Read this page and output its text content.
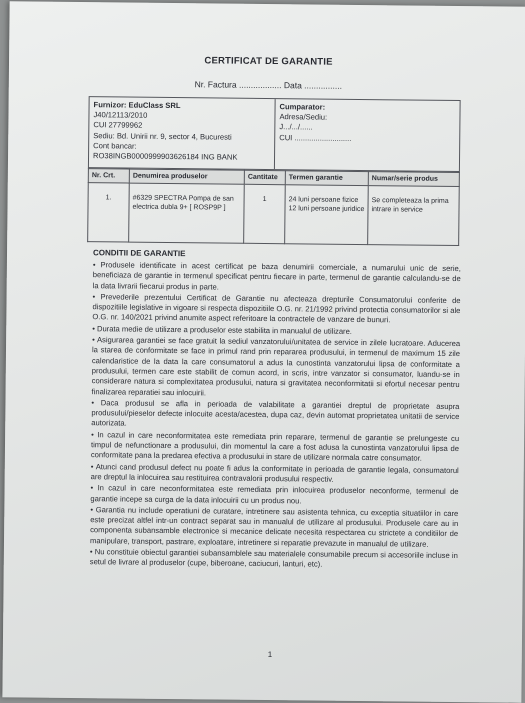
CERTIFICAT DE GARANTIE
Nr. Factura .................. Data ................
Furnizor: EduClass SRL
J40/12113/2010
CUI 27799962
Sediu: Bd. Unirii nr. 9, sector 4, Bucuresti
Cont bancar:
RO38INGB0000999903626184 ING BANK
Cumparator:
Adresa/Sediu:
J.../.../......
CUI ...........................
Nr. Crt.	Denumirea produselor	Cantitate	Termen garantie	Numar/serie produs
1.	#6329 SPECTRA Pompa de san electrica dubla 9+ [ ROSP9P ]	1	24 luni persoane fizice 12 luni persoane juridice	Se completeaza la prima intrare in service
CONDITII DE GARANTIE

• Produsele identificate in acest certificat pe baza denumirii comerciale, a numarului unic de serie, beneficiaza de garantie in termenul specificat pentru fiecare in parte, termenul de garantie calculandu-se de la data livrarii fiecarui produs in parte.

• Prevederile prezentului Certificat de Garantie nu afecteaza drepturile Consumatorului conferite de dispozitiile legislative in vigoare si respecta dispozitiile O.G. nr. 21/1992 privind protectia consumatorilor si ale O.G. nr. 140/2021 privind anumite aspect referitoare la contractele de vanzare de bunuri.

• Durata medie de utilizare a produselor este stabilita in manualul de utilizare.

• Asigurarea garantiei se face gratuit la sediul vanzatorului/unitatea de service in zilele lucratoare. Aducerea la starea de conformitate se face in primul rand prin repararea produsului, in termenul de maximum 15 zile calendaristice de la data la care consumatorul a adus la cunostinta vanzatorului lipsa de conformitate a produsului, termen care este stabilit de comun acord, in scris, intre vanzator si consumator, luandu-se in considerare natura si complexitatea produsului, natura si gravitatea neconformitatii si efortul necesar pentru finalizarea reparatiei sau inlocuirii.

• Daca produsul se afla in perioada de valabilitate a garantiei dreptul de proprietate asupra produsului/pieselor defecte inlocuite acesta/acestea, dupa caz, devin automat proprietatea unitatii de service autorizata.

• In cazul in care neconformitatea este remediata prin reparare, termenul de garantie se prelungeste cu timpul de nefunctionare a produsului, din momentul la care a fost adusa la cunostinta vanzatorului lipsa de conformitate pana la predarea efectiva a produsului in stare de utilizare normala catre consumator.

• Atunci cand produsul defect nu poate fi adus la conformitate in perioada de garantie legala, consumatorul are dreptul la inlocuirea sau restituirea contravalorii produsului respectiv.

• In cazul in care neconformitatea este remediata prin inlocuirea produselor neconforme, termenul de garantie incepe sa curga de la data inlocuirii cu un produs nou.

• Garantia nu include operatiuni de curatare, intretinere sau asistenta tehnica, cu exceptia situatiilor in care este precizat altfel intr-un contract separat sau in manualul de utilizare al produsului. Produsele care au in componenta subansamble electronice si mecanice delicate necesita respectarea cu strictete a conditiilor de manipulare, transport, pastrare, exploatare, intretinere si reparatie prevazute in manualul de utilizare.

• Nu constituie obiectul garantiei subansamblele sau materialele consumabile precum si accesoriile incluse in setul de livrare al produselor (cupe, biberoane, caciucuri, lanturi, etc).

1
